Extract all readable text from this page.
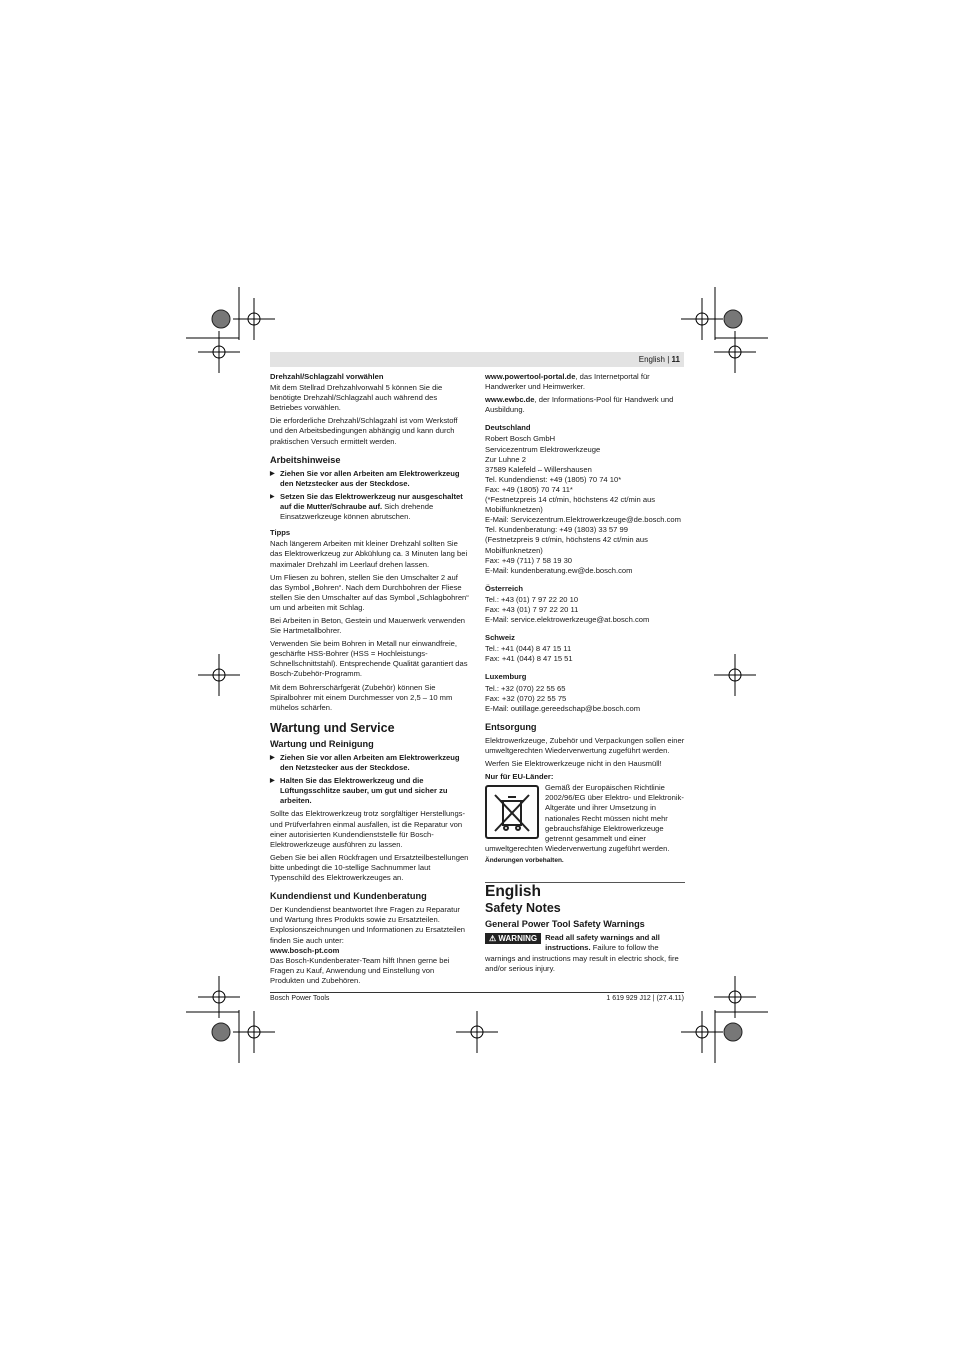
English | 11
Drehzahl/Schlagzahl vorwählen

Mit dem Stellrad Drehzahlvorwahl 5 können Sie die benötigte Drehzahl/Schlagzahl auch während des Betriebes vorwählen.

Die erforderliche Drehzahl/Schlagzahl ist vom Werkstoff und den Arbeitsbedingungen abhängig und kann durch praktischen Versuch ermittelt werden.

Arbeitshinweise
▶ Ziehen Sie vor allen Arbeiten am Elektrowerkzeug den Netzstecker aus der Steckdose.
▶ Setzen Sie das Elektrowerkzeug nur ausgeschaltet auf die Mutter/Schraube auf. Sich drehende Einsatzwerkzeuge können abrutschen.
Tipps

Nach längerem Arbeiten mit kleiner Drehzahl sollten Sie das Elektrowerkzeug zur Abkühlung ca. 3 Minuten lang bei maximaler Drehzahl im Leerlauf drehen lassen.

Um Fliesen zu bohren, stellen Sie den Umschalter 2 auf das Symbol „Bohren“. Nach dem Durchbohren der Fliese stellen Sie den Umschalter auf das Symbol „Schlagbohren“ um und arbeiten mit Schlag.

Bei Arbeiten in Beton, Gestein und Mauerwerk verwenden Sie Hartmetallbohrer.

Verwenden Sie beim Bohren in Metall nur einwandfreie, geschärfte HSS-Bohrer (HSS = Hochleistungs-Schnellschnittstahl). Entsprechende Qualität garantiert das Bosch-Zubehör-Programm.

Mit dem Bohrerschärfgerät (Zubehör) können Sie Spiralbohrer mit einem Durchmesser von 2,5 – 10 mm mühelos schärfen.

Wartung und Service
Wartung und Reinigung
▶ Ziehen Sie vor allen Arbeiten am Elektrowerkzeug den Netzstecker aus der Steckdose.
▶ Halten Sie das Elektrowerkzeug und die Lüftungsschlitze sauber, um gut und sicher zu arbeiten.

Sollte das Elektrowerkzeug trotz sorgfältiger Herstellungs- und Prüfverfahren einmal ausfallen, ist die Reparatur von einer autorisierten Kundendienststelle für Bosch-Elektrowerkzeuge ausführen zu lassen.

Geben Sie bei allen Rückfragen und Ersatzteilbestellungen bitte unbedingt die 10-stellige Sachnummer laut Typenschild des Elektrowerkzeuges an.

Kundendienst und Kundenberatung

Der Kundendienst beantwortet Ihre Fragen zu Reparatur und Wartung Ihres Produkts sowie zu Ersatzteilen. Explosionszeichnungen und Informationen zu Ersatzteilen finden Sie auch unter:

www.bosch-pt.com

Das Bosch-Kundenberater-Team hilft Ihnen gerne bei Fragen zu Kauf, Anwendung und Einstellung von Produkten und Zubehören.

www.powertool-portal.de, das Internetportal für Handwerker und Heimwerker.

www.ewbc.de, der Informations-Pool für Handwerk und Ausbildung.

Deutschland

Robert Bosch GmbH

Servicezentrum Elektrowerkzeuge

Zur Luhne 2

37589 Kalefeld – Willershausen

Tel. Kundendienst: +49 (1805) 70 74 10*

Fax: +49 (1805) 70 74 11*

(*Festnetzpreis 14 ct/min, höchstens 42 ct/min aus Mobilfunknetzen)

E-Mail: Servicezentrum.Elektrowerkzeuge@de.bosch.com

Tel. Kundenberatung: +49 (1803) 33 57 99

(Festnetzpreis 9 ct/min, höchstens 42 ct/min aus Mobilfunknetzen)

Fax: +49 (711) 7 58 19 30

E-Mail: kundenberatung.ew@de.bosch.com

Österreich

Tel.: +43 (01) 7 97 22 20 10

Fax: +43 (01) 7 97 22 20 11

E-Mail: service.elektrowerkzeuge@at.bosch.com

Schweiz

Tel.: +41 (044) 8 47 15 11

Fax: +41 (044) 8 47 15 51

Luxemburg

Tel.: +32 (070) 22 55 65

Fax: +32 (070) 22 55 75

E-Mail: outillage.gereedschap@be.bosch.com

Entsorgung

Elektrowerkzeuge, Zubehör und Verpackungen sollen einer umweltgerechten Wiederverwertung zugeführt werden.

Werfen Sie Elektrowerkzeuge nicht in den Hausmüll!

Nur für EU-Länder:

Gemäß der Europäischen Richtlinie 2002/96/EG über Elektro- und Elektronik-Altgeräte und ihrer Umsetzung in nationales Recht müssen nicht mehr gebrauchsfähige Elektrowerkzeuge getrennt gesammelt und einer umweltgerechten Wiederverwertung zugeführt werden.

Änderungen vorbehalten.

English
Safety Notes
General Power Tool Safety Warnings
⚠ WARNING	Read all safety warnings and all instructions. Failure to follow the warnings and instructions may result in electric shock, fire and/or serious injury.
Bosch Power Tools	1 619 929 J12 | (27.4.11)
